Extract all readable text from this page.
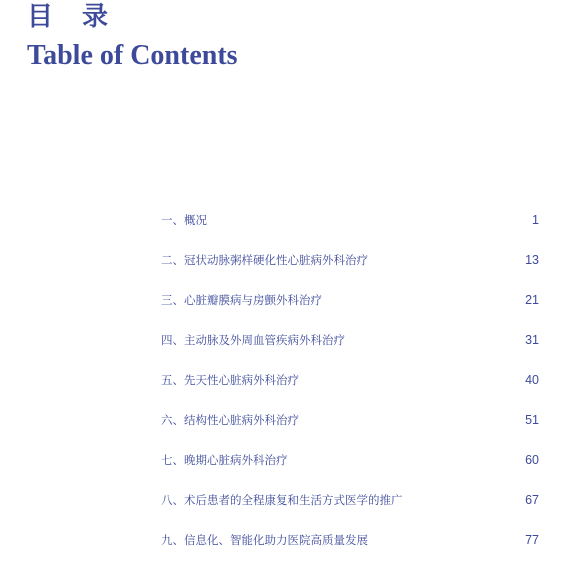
目 录
Table of Contents
一、概况	1
二、冠状动脉粥样硬化性心脏病外科治疗	13
三、心脏瓣膜病与房颤外科治疗	21
四、主动脉及外周血管疾病外科治疗	31
五、先天性心脏病外科治疗	40
六、结构性心脏病外科治疗	51
七、晚期心脏病外科治疗	60
八、术后患者的全程康复和生活方式医学的推广	67
九、信息化、智能化助力医院高质量发展	77
